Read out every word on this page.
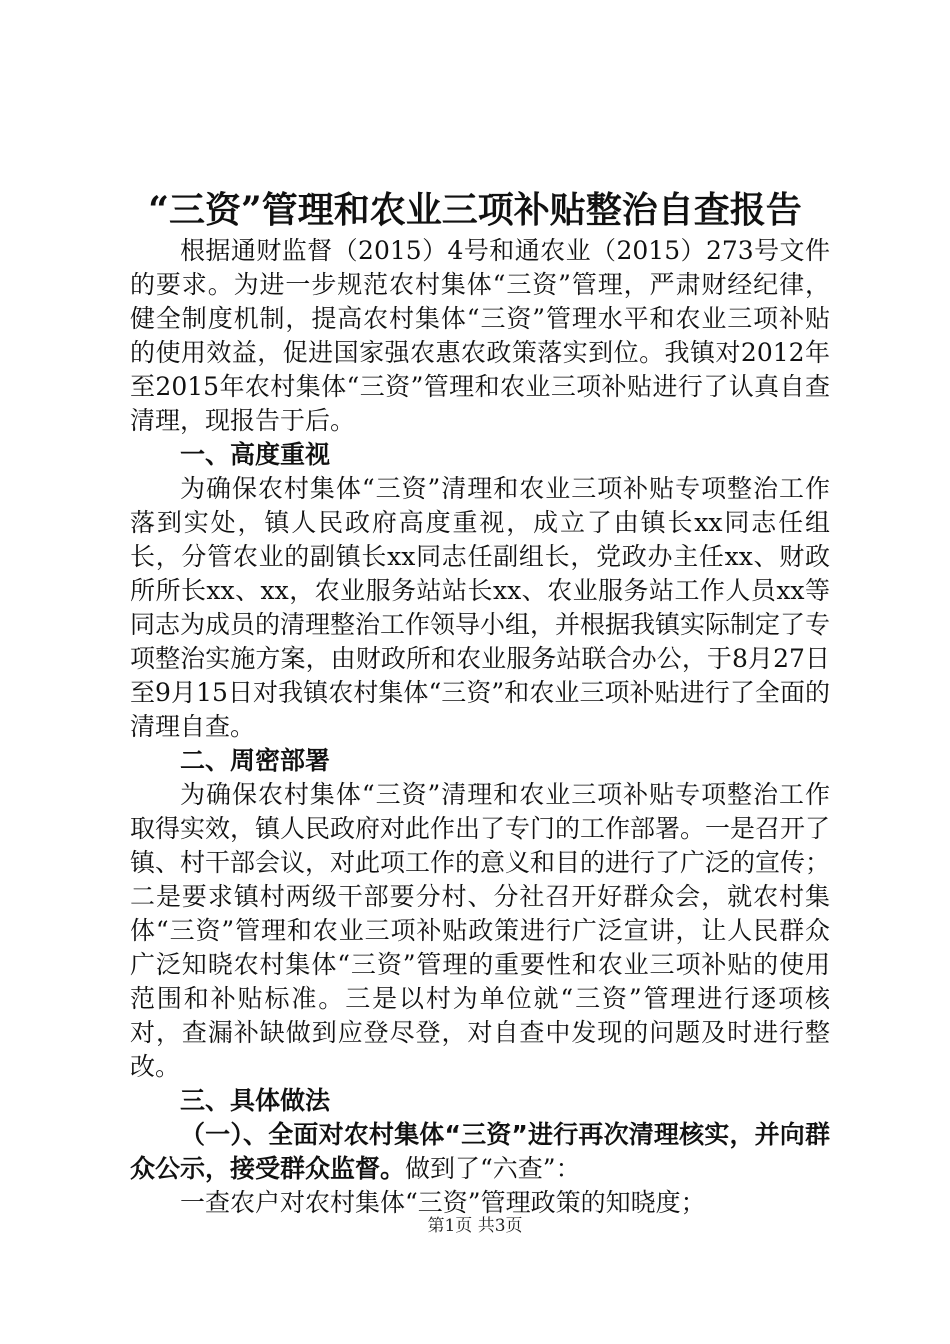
“三资”管理和农业三项补贴整治自查报告

根据通财监督（2015）4号和通农业（2015）273号文件的要求。为进一步规范农村集体“三资”管理，严肃财经纪律，健全制度机制，提高农村集体“三资”管理水平和农业三项补贴的使用效益，促进国家强农惠农政策落实到位。我镇对2012年至2015年农村集体“三资”管理和农业三项补贴进行了认真自查清理，现报告于后。

一、高度重视

为确保农村集体“三资”清理和农业三项补贴专项整治工作落到实处，镇人民政府高度重视，成立了由镇长xx同志任组长，分管农业的副镇长xx同志任副组长，党政办主任xx、财政所所长xx、xx，农业服务站站长xx、农业服务站工作人员xx等同志为成员的清理整治工作领导小组，并根据我镇实际制定了专项整治实施方案，由财政所和农业服务站联合办公，于8月27日至9月15日对我镇农村集体“三资”和农业三项补贴进行了全面的清理自查。

二、周密部署

为确保农村集体“三资”清理和农业三项补贴专项整治工作取得实效，镇人民政府对此作出了专门的工作部署。一是召开了镇、村干部会议，对此项工作的意义和目的进行了广泛的宣传；二是要求镇村两级干部要分村、分社召开好群众会，就农村集体“三资”管理和农业三项补贴政策进行广泛宣讲，让人民群众广泛知晓农村集体“三资”管理的重要性和农业三项补贴的使用范围和补贴标准。三是以村为单位就“三资”管理进行逐项核对，查漏补缺做到应登尽登，对自查中发现的问题及时进行整改。

三、具体做法
（一）、全面对农村集体“三资”进行再次清理核实，并向群众公示，接受群众监督。做到了“六查”：

一查农户对农村集体“三资”管理政策的知晓度；

第1页 共3页
